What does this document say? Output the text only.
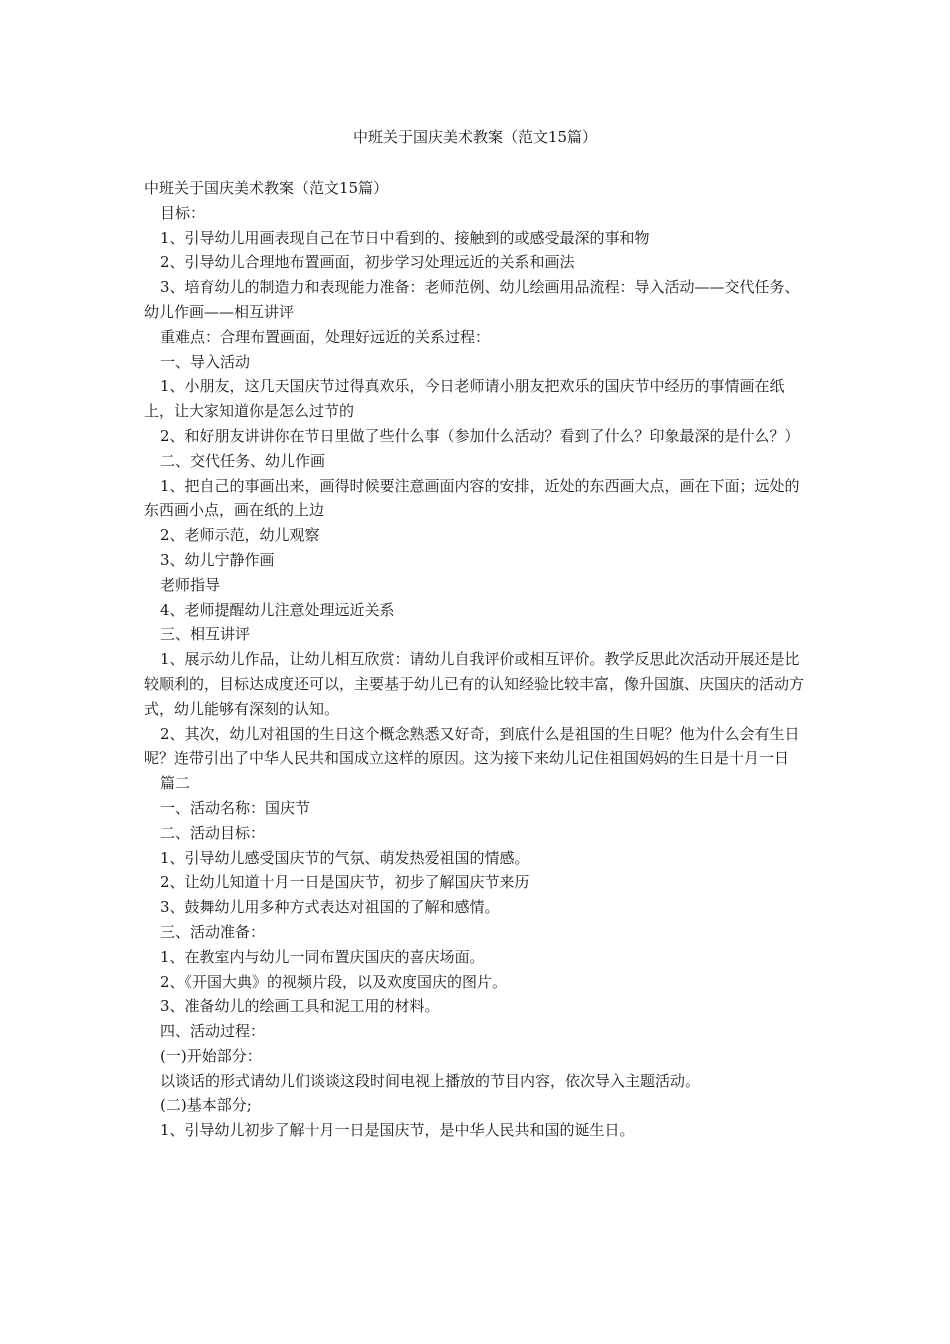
中班关于国庆美术教案（范文15篇）

中班关于国庆美术教案（范文15篇）

目标：

1、引导幼儿用画表现自己在节日中看到的、接触到的或感受最深的事和物

2、引导幼儿合理地布置画面，初步学习处理远近的关系和画法

3、培育幼儿的制造力和表现能力准备：老师范例、幼儿绘画用品流程：导入活动——交代任务、幼儿作画——相互讲评

重难点：合理布置画面，处理好远近的关系过程：

一、导入活动

1、小朋友，这几天国庆节过得真欢乐，今日老师请小朋友把欢乐的国庆节中经历的事情画在纸上，让大家知道你是怎么过节的

2、和好朋友讲讲你在节日里做了些什么事（参加什么活动？看到了什么？印象最深的是什么？）

二、交代任务、幼儿作画

1、把自己的事画出来，画得时候要注意画面内容的安排，近处的东西画大点，画在下面；远处的东西画小点，画在纸的上边

2、老师示范，幼儿观察

3、幼儿宁静作画

老师指导

4、老师提醒幼儿注意处理远近关系

三、相互讲评

1、展示幼儿作品，让幼儿相互欣赏：请幼儿自我评价或相互评价。教学反思此次活动开展还是比较顺利的，目标达成度还可以，主要基于幼儿已有的认知经验比较丰富，像升国旗、庆国庆的活动方式，幼儿能够有深刻的认知。

2、其次，幼儿对祖国的生日这个概念熟悉又好奇，到底什么是祖国的生日呢？他为什么会有生日呢？连带引出了中华人民共和国成立这样的原因。这为接下来幼儿记住祖国妈妈的生日是十月一日

篇二

一、活动名称：国庆节

二、活动目标：

1、引导幼儿感受国庆节的气氛、萌发热爱祖国的情感。

2、让幼儿知道十月一日是国庆节，初步了解国庆节来历

3、鼓舞幼儿用多种方式表达对祖国的了解和感情。

三、活动准备：

1、在教室内与幼儿一同布置庆国庆的喜庆场面。

2、《开国大典》的视频片段，以及欢度国庆的图片。

3、准备幼儿的绘画工具和泥工用的材料。

四、活动过程：

(一)开始部分：

以谈话的形式请幼儿们谈谈这段时间电视上播放的节目内容，依次导入主题活动。

(二)基本部分;

1、引导幼儿初步了解十月一日是国庆节，是中华人民共和国的诞生日。
